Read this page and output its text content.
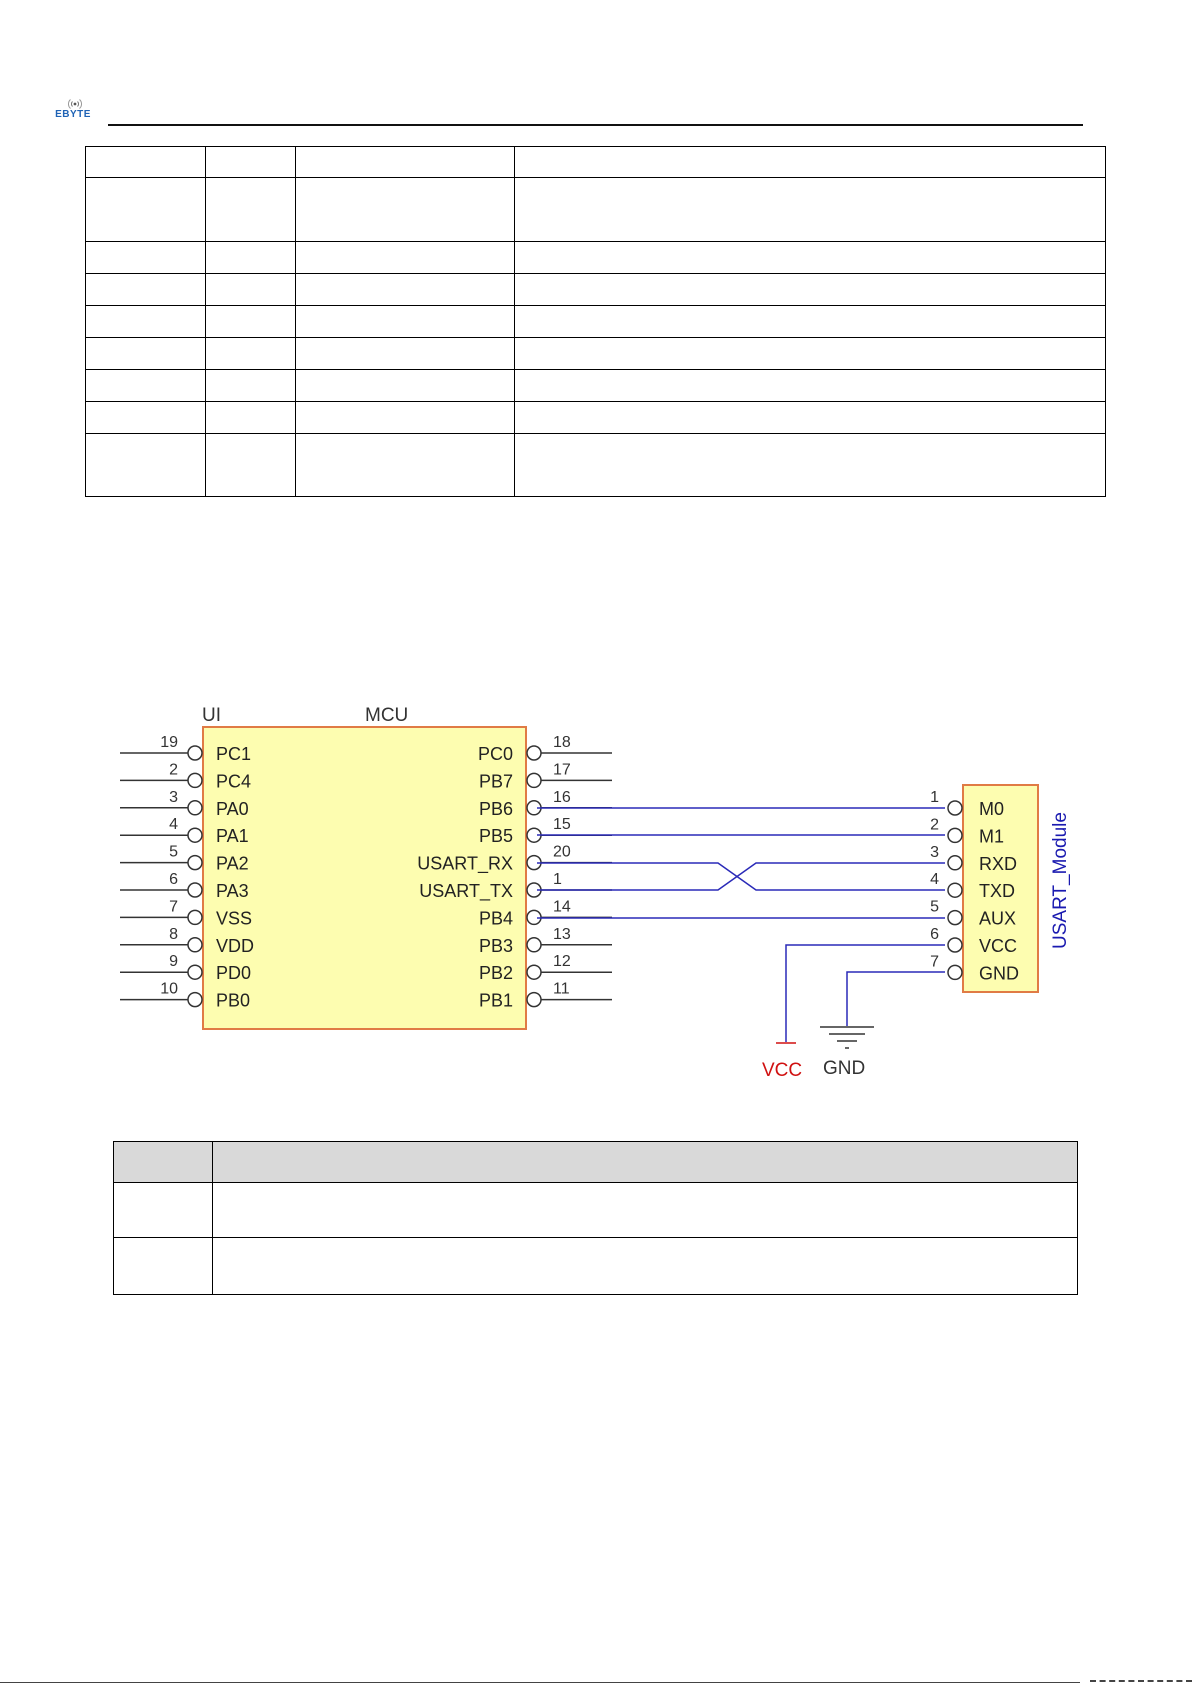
EBYTE

UI	MCU
19
PC1
2
PC4
3
PA0
4
PA1
5
PA2
6
PA3
7
VSS
8
VDD
9
PD0
10
PB0
18
PC0
17
PB7
16
PB6
15
PB5
20
USART_RX
1
USART_TX
14
PB4
13
PB3
12
PB2
11
PB1
USART_Module
1
M0
2
M1
3
RXD
4
TXD
5
AUX
6
VCC
7
GND
VCC GND
